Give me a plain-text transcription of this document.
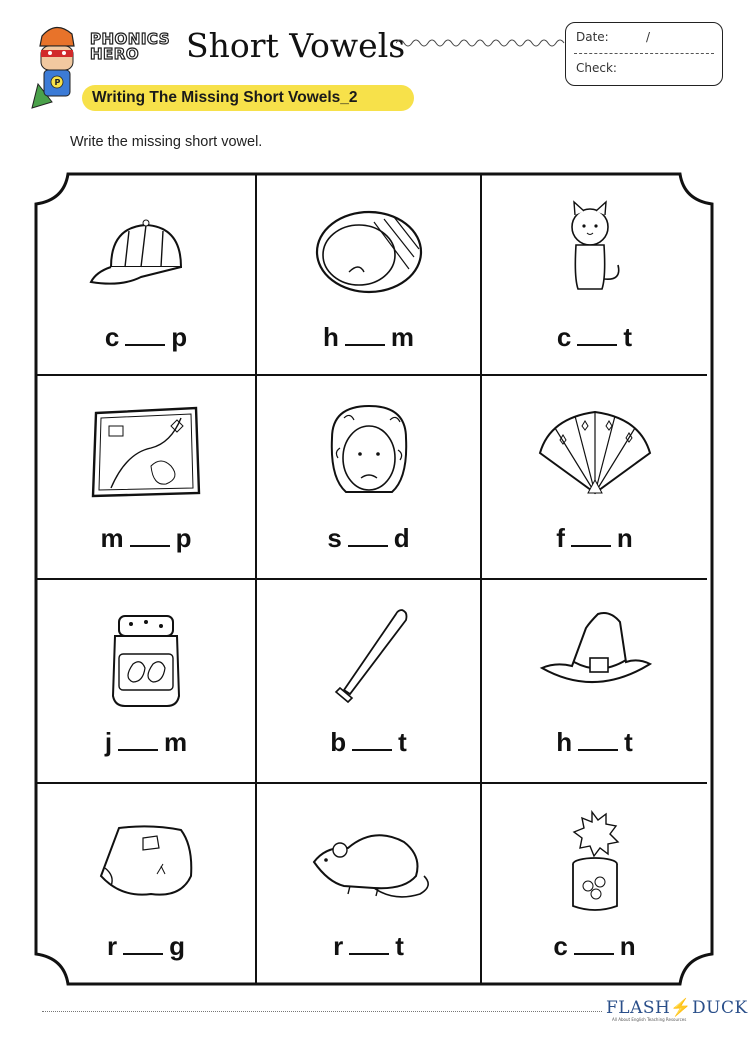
P
PHONICS
HERO	Short Vowels	Date:	/
Check:
Writing The Missing Short Vowels_2
Write the missing short vowel.
c p	h m	c t
m p	s d	f n
j m	b t	h t
r g	r t	c n
FLASH⚡DUCK
All About English Teaching Resources
